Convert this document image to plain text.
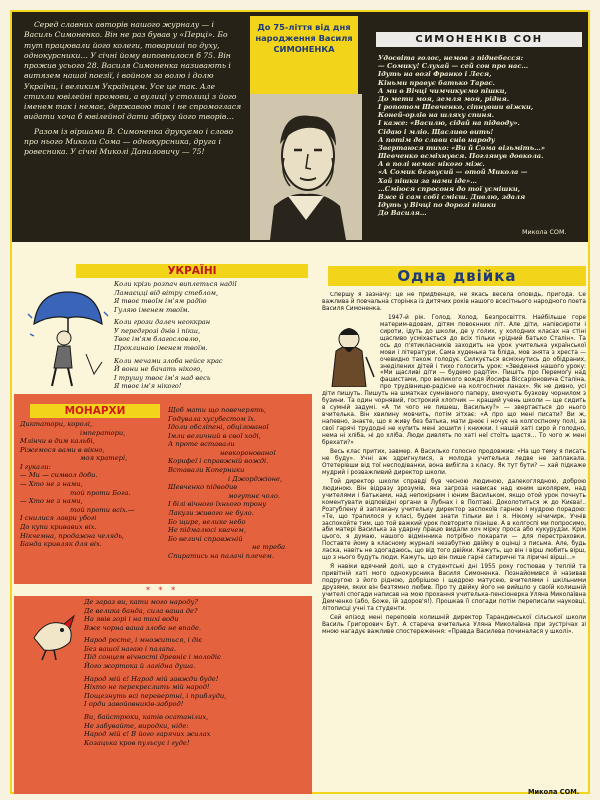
Серед славних авторів нашого журналу — і Василь Симоненко. Він не раз бував у «Перці». Бо тут працювали його колеги, товариші по духу, однокурсники… У січні йому виповнилося б 75. Він прожив усього 28. Василя Симоненка називають і витязем нашої поезії, і войном за волю і долю України, і великим Українцем. Усе це так. Але стихли ювілейні промови, а вулиці у столиці з його іменем так і немає, державою так і не спромоглася видати хоча б ювілейної дати збірку його творів…

Разом із віршами В. Симоненка друкуємо і слово про нього Миколи Сома — однокурсника, друга і ровесника. У січні Миколі Даниловичу — 75!

До 75-ліття від дня народження Василя СИМОНЕНКА
СИМОНЕНКІВ СОН
Удосвіта голос, немов з піднебесся:
— Сомику! Слухай — сей сон про нас…
Ідуть на возі Франко і Леся,
Кіньми правує батько Тарас.
А ми в Вічці чимчикуємо пішки,
До мети моя, земля моя, рідня.
І ропотом Шевченко, сіпнувши віжки,
Коней-орлів на шляху спиня.
І каже: «Василю, сідай на підводу».
Сідаю і мліо. Щасливо вить!
А потім до слави снів народу
Звертаюся тихо: «Ви й Сома візьміть…»
Шевченко всміхнувся. Поглянув довкола.
А в полі немає нікого між.
«А Сомик безвусий — отой Микола —
Хай пішки за нами іде»…
…Сміюся спросоня до тої усмішки,
Вже й сам собі смієш. Дивлю, здаля
Ідуть у Вічці по дорозі пішки
До Василя…
Микола СОМ.
УКРАЇНІ
Коли крізь розпач виплеться надії
Ламаєцці від вітру стеблом,
Я твоє твоїм ім'ям радію
Гуляю іменем твоїм.
Коли грози далеч неоккран
У передгрозі днів і пікш,
Твоє ім'ям благословлю,
Проклинаю іменем твоїм.
Коли мечами злоба нейсе крас
Й вони не бачать нікого,
І трушу твоє ім'я над весь
Я твоє ім'я нікого!
МОНАРХИ
Диктатори, королі,
імператори,
Млінчи в дим кальбі,
Ріжемося вами в вікно,
моя кратері,
І гукали:
— Ми — символ доби.
— Хто не з нами,
той проти Бога.
— Хто не з нами,
той проти всіх.—
І снилися лаври убогі
До купи кривавих віх.
Нікчемна, продажна челядь,
Банда кривляк для віх.
Щоб мати що повечерять,
Годувала хусубестом їх.
Ідоли обсліпені, обцілованої
Імли величний в свої ході,
А проте вставали
невкоронованої
Корифеї і справжній вожді.
Вставали Коперники
і Джорджіоне,
Шевченко підводив
могутнє чоло.
І білі вічного їхнього трону
Лакузи живого не було.
Бо щире, велике небо
Не підмалюсі квачем,
Бо величі справжній
не треба
Спиратись на палачі плечем.
* * *
Де зараз ви, кати мого народу?
Де велика банда, сила ваша де?
На явів зорі і на тихі води
Вже чорна ваша злоба не впаде.
Народ росте, і множиться, і діє
Без вашої нагаю і палапа.
Під сонцем вічності древніє і молодіє
Його жортока й лагідна душа.
Народ мій є! Народ мій завжди буде!
Ніхто не перекреслить мій народ!
Пощезнуть всі перевертні, і приблуди,
І орди завойовників-заброд!
Ви, байстрюки, катів осатанілих,
Не забувайте, виродки, ніде:
Народ мій є! В його гарячих жилах
Козацька кров пульсує і гуде!
Одна двійка

Спершу я зазначу: це не придбенція, не якась весела оповідь, пригода. Се важлива й повчальна сторінка із дитячих років нашого всесітнього народного поета Василя Симоненка.

1947-й рік. Голод. Холод. Безпросвіття. Найбільше горе материм-вдовам, дітям повоєнних літ. Але діти, напівсироти і сироти, ідуть до школи, де у голих, у холодних класах на стіні щасливо усміхається до всіх тільки «рідний батько Сталін». Та ось до п'ятикласників заходить на урок учителька української мови і літератури. Сама худенька та бліда, мов знята з хреста — очевидно також голодує. Силкується всміхнутись до обідраних, знеділених дітей і тихо голосить урок: «Зведення нашого уроку: «Ми щасливі діти — будемо радіти». Пишіть про Перемогу над фашистами, про великого вождя Йосифа Віссаріоновича Сталіна, про трудівницю-радісне на колгоспних ланах». Як не дивно, усі діти пишуть. Пишуть на шматках сумнівного паперу, вмочують бузкову чорнилом з бузини. Та один чорнявий, гострокий хлопчик — кращий учень школи — ще сидить в сумній задумі. «А ти чого не пишеш, Васильку?» — звертається до нього вчителька. Він хвилину мовчить, потім зітхає: «А про що мені писати? Ви ж, напевно, знаєте, що я живу без батька, мати днює і ночує на колгоспному полі, за свої гарячі трудодні не купить мені зошити і книжки. І нашій хаті сиро й голодно, нема ні хліба, ні до хліба. Люди дивлять по хаті неї стоїть щастя… То чого ж мені брехати?»

Весь клас притих, завмер. А Василько голосно продовжив: «На що тему я писать не буду». Учні аж здригнулися, а молода учителька ледве не заплакала. Отетерівши від тої несподіванки, вона вибігла з класу. Як тут бути? — хай підкаже мудрий і розважливий директор школи.

Той директор школи справді був чесною людиною, далекоглядною, доброю людиною. Він відразу зрозумів, яка загроза нависає над юним школярем, над учителями і батьками, над непокірним і юним Васильком, якщо отой урок почнуть коментувати відповідні органи в Лубнах і в Полтаві. Доколотиться ж до Києва!.. Розгублену й заплакану учительку директор заспокоїв гарною і мудрою порадою: «Те, що трапилося у класі, будем знати тільки ви і я. Нікому нічичирк. Учнів заспокойте тим, що той важкий урок повторите пізніше. А в колгоспі ми попросимо, аби матері Василька за ударну працю видали хоч мірку проса або кукурудзи. Крім цього, я думаю, нашого відмінника потрібно покарати — для перестраховки. Поставте йому в класному журналі незабутню двійку в оцінці з письма. Але, будь ласка, навіть не здогадаюсь, що від того двійки. Кажуть, що він і вірш любить вірш, що з нього будуть люди. Кажуть, що він пише гарні сатиричні та ліричні вірші…»

Я навіки вдячний долі, що в студентські дні 1955 року гостював у теплій та привітній хаті мого однокурсника Василя Симоненка. Познайомився й називав подругою з його рідною, добрішою і щедрою матусею, вчителями і шкільними друзями, яких він безтямно любив. Про ту двійку його не вийшло у своїй колишній учителі спогади написав на мою прохання учителька-пенсіонерка Уляна Миколаївна Демченко (або, Боже, їй здоров'я!). Прошкав її спогади потім переписали науковці, літописці учні та студенти.

Сей епізод мені переповів колишній директор Тарандинської сільської школи Василь Григорович Бут. А стареча вчителька Уляна Миколаївна при зустрічах зі мною нагадує важливе спостереження: «Правда Василева починалася у школі».

Микола СОМ.
